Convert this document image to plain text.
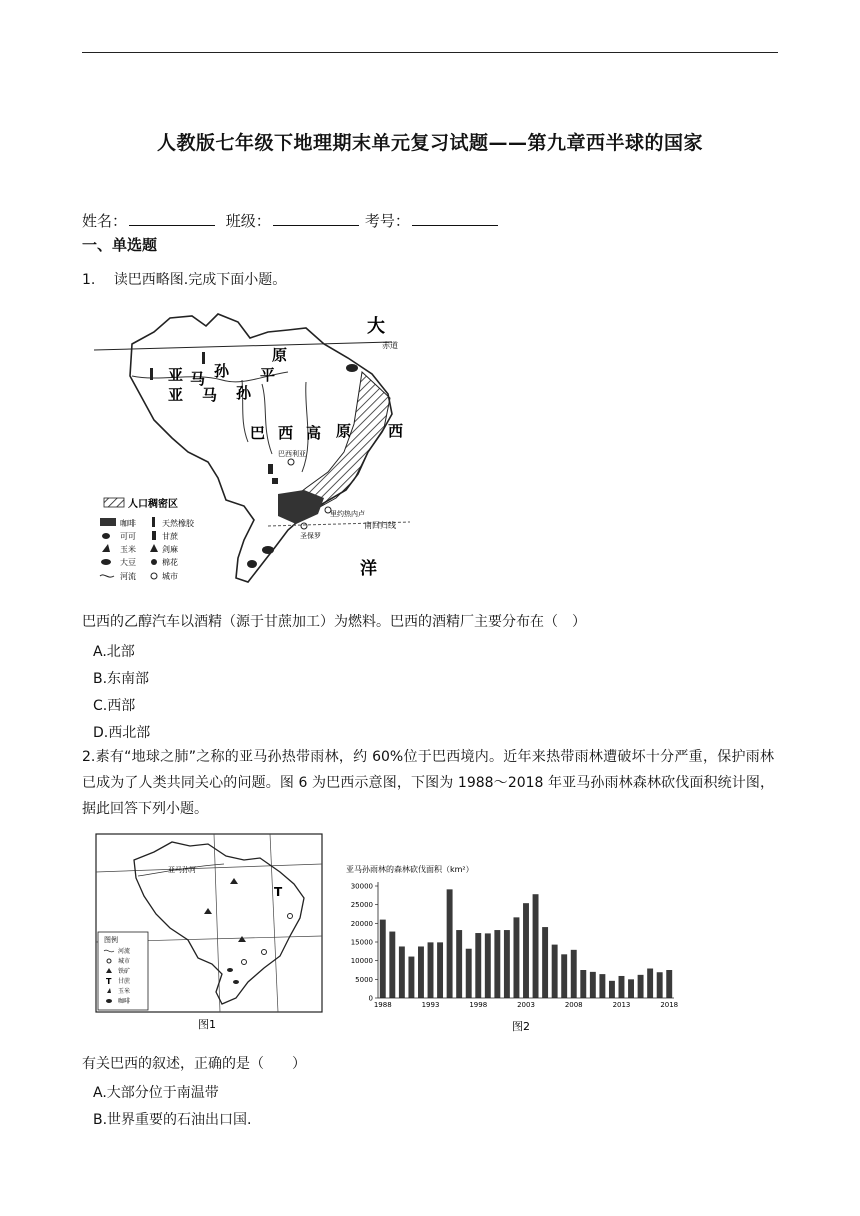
人教版七年级下地理期末单元复习试题——第九章西半球的国家
姓名：	班级：	考号：
一、单选题
1.　 读巴西略图.完成下面小题。
大
赤道
亚 马 孙 平
原
亚 马 孙
巴 西 高 原 西
巴西利亚
里约热内卢
圣保罗
南回归线
洋
人口稠密区
咖啡	天然橡胶
可可	甘蔗
玉米	剑麻
大豆	棉花
河流	城市
巴西的乙醇汽车以酒精（源于甘蔗加工）为燃料。巴西的酒精厂主要分布在（　）
A.北部
B.东南部
C.西部
D.西北部
2.素有“地球之肺”之称的亚马孙热带雨林，约 60%位于巴西境内。近年来热带雨林遭破坏十分严重，保护雨林已成为了人类共同关心的问题。图 6 为巴西示意图，下图为 1988～2018 年亚马孙雨林森林砍伐面积统计图，据此回答下列小题。
亚马孙河
T
图例
河流
城市
铁矿
甘蔗
玉米
咖啡
T
图1
亚马孙雨林的森林砍伐面积（km²）
0
5000
10000
15000
20000
25000
30000
1988	1993	1998	2003	2008	2013	2018
图2
有关巴西的叙述，正确的是（　　）
A.大部分位于南温带
B.世界重要的石油出口国.
